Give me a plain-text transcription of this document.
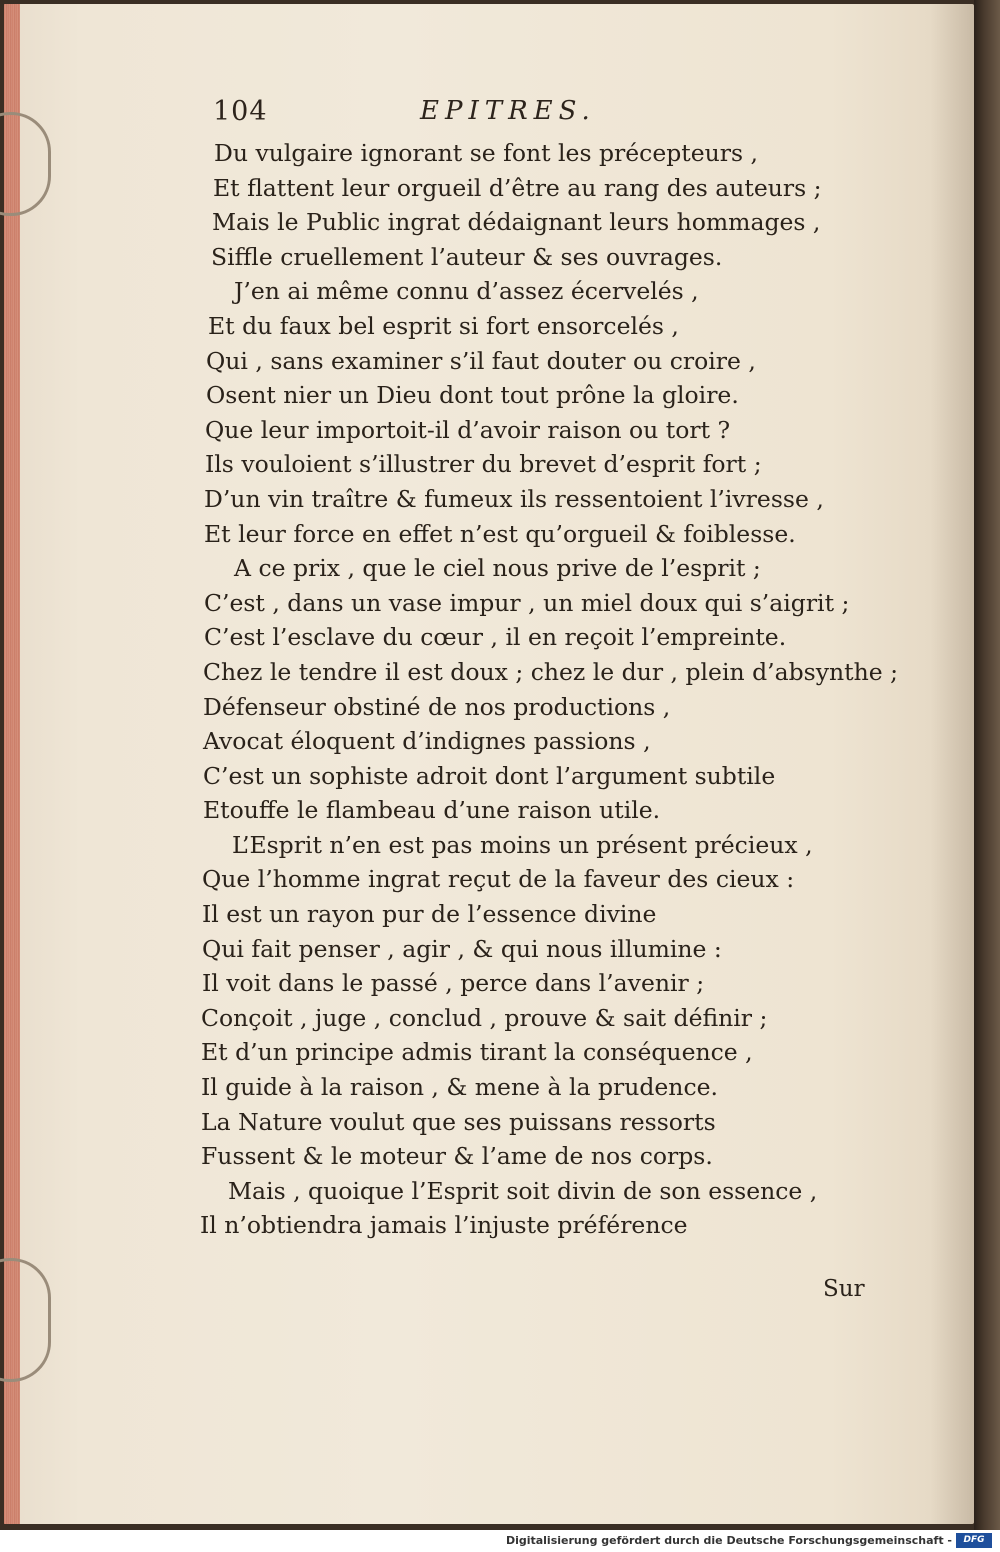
104	EPITRES.
Du vulgaire ignorant se font les précepteurs ,
Et flattent leur orgueil d’être au rang des auteurs ;
Mais le Public ingrat dédaignant leurs hommages ,
Siffle cruellement l’auteur & ses ouvrages.
J’en ai même connu d’assez écervelés ,
Et du faux bel esprit si fort ensorcelés ,
Qui , sans examiner s’il faut douter ou croire ,
Osent nier un Dieu dont tout prône la gloire.
Que leur importoit-il d’avoir raison ou tort ?
Ils vouloient s’illustrer du brevet d’esprit fort ;
D’un vin traître & fumeux ils ressentoient l’ivresse ,
Et leur force en effet n’est qu’orgueil & foiblesse.
A ce prix , que le ciel nous prive de l’esprit ;
C’est , dans un vase impur , un miel doux qui s’aigrit ;
C’est l’esclave du cœur , il en reçoit l’empreinte.
Chez le tendre il est doux ; chez le dur , plein d’absynthe ;
Défenseur obstiné de nos productions ,
Avocat éloquent d’indignes passions ,
C’est un sophiste adroit dont l’argument subtile
Etouffe le flambeau d’une raison utile.
L’Esprit n’en est pas moins un présent précieux ,
Que l’homme ingrat reçut de la faveur des cieux :
Il est un rayon pur de l’essence divine
Qui fait penser , agir , & qui nous illumine :
Il voit dans le passé , perce dans l’avenir ;
Conçoit , juge , conclud , prouve & sait définir ;
Et d’un principe admis tirant la conséquence ,
Il guide à la raison , & mene à la prudence.
La Nature voulut que ses puissans ressorts
Fussent & le moteur & l’ame de nos corps.
Mais , quoique l’Esprit soit divin de son essence ,
Il n’obtiendra jamais l’injuste préférence
Sur
Digitalisierung gefördert durch die Deutsche Forschungsgemeinschaft -	DFG
